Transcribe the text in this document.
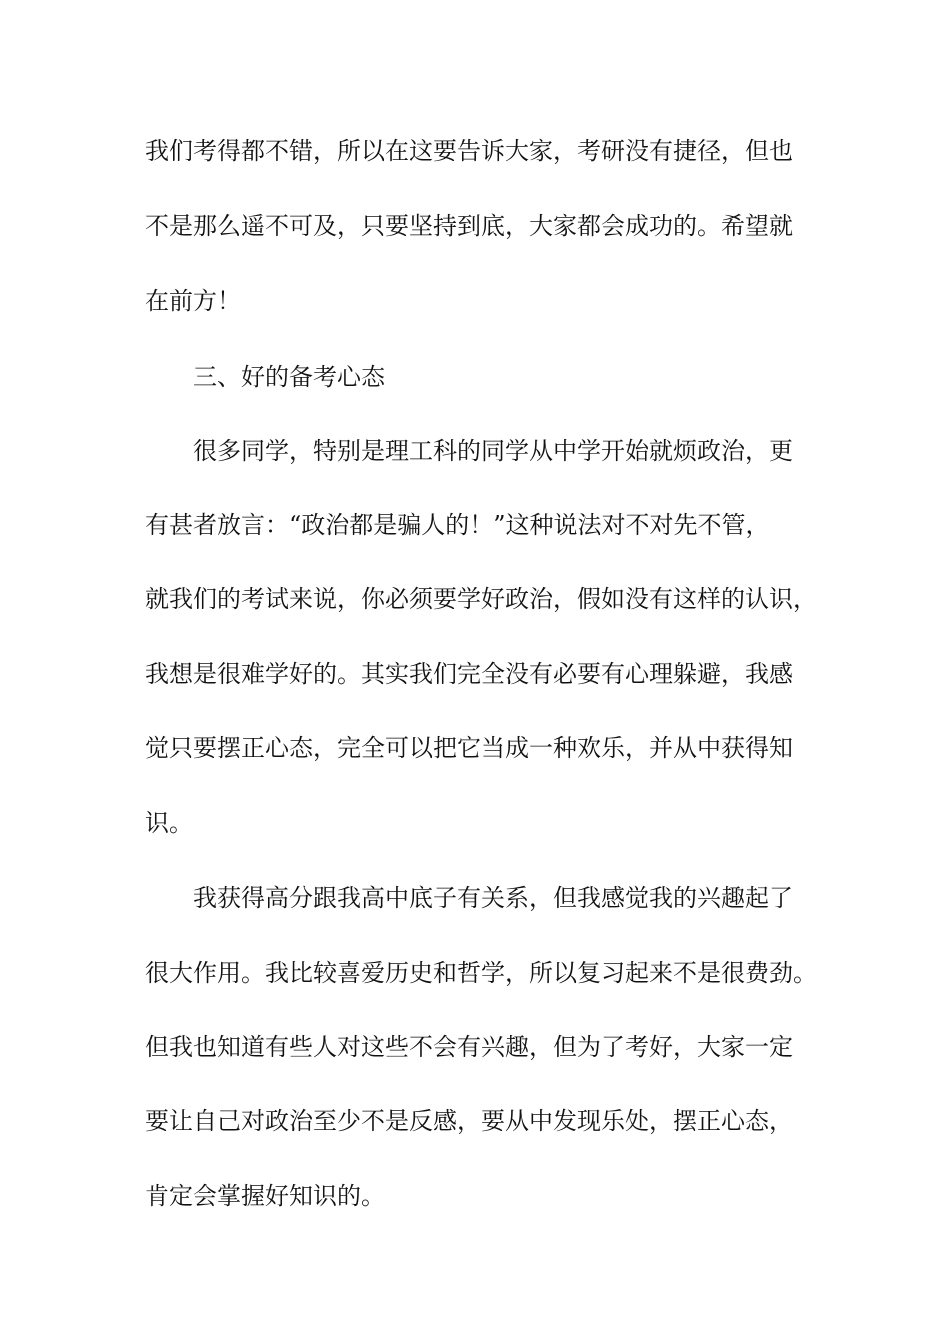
我们考得都不错，所以在这要告诉大家，考研没有捷径，但也
不是那么遥不可及，只要坚持到底，大家都会成功的。希望就
在前方！
三、好的备考心态
很多同学，特别是理工科的同学从中学开始就烦政治，更
有甚者放言：“政治都是骗人的！”这种说法对不对先不管，
就我们的考试来说，你必须要学好政治，假如没有这样的认识，
我想是很难学好的。其实我们完全没有必要有心理躲避，我感
觉只要摆正心态，完全可以把它当成一种欢乐，并从中获得知
识。
我获得高分跟我高中底子有关系，但我感觉我的兴趣起了
很大作用。我比较喜爱历史和哲学，所以复习起来不是很费劲。
但我也知道有些人对这些不会有兴趣，但为了考好，大家一定
要让自己对政治至少不是反感，要从中发现乐处，摆正心态，
肯定会掌握好知识的。
